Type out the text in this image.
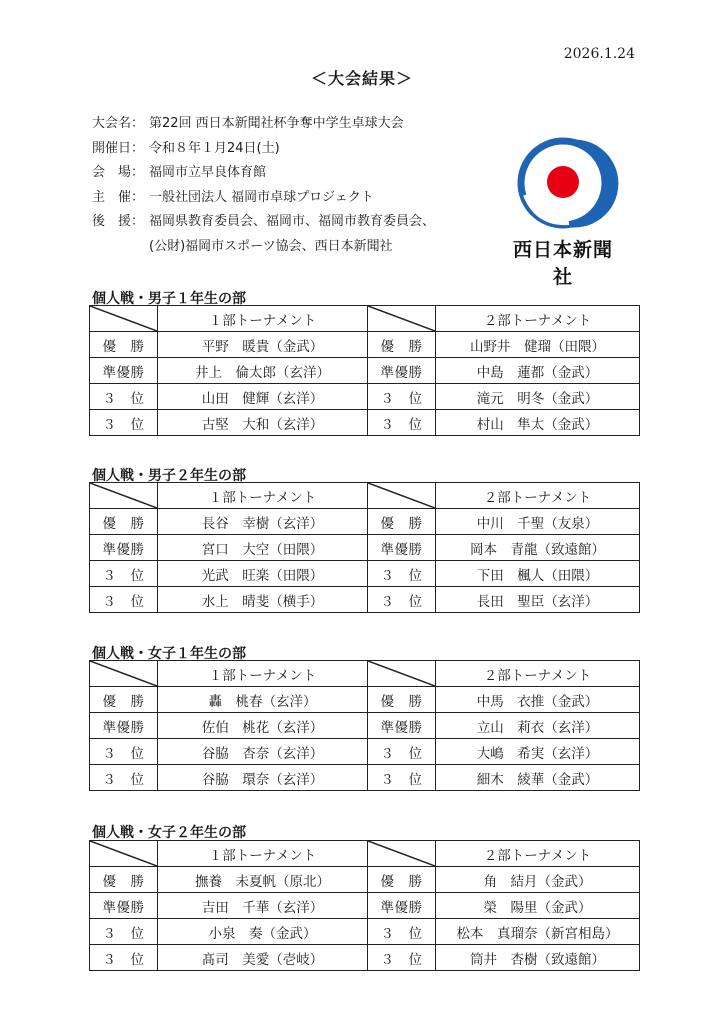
2026.1.24
＜大会結果＞
大会名： 第22回 西日本新聞社杯争奪中学生卓球大会
開催日： 令和８年１月24日(土)
会　場： 福岡市立早良体育館
主　催： 一般社団法人 福岡市卓球プロジェクト
後　援： 福岡県教育委員会、福岡市、福岡市教育委員会、
(公財)福岡市スポーツ協会、西日本新聞社	西日本新聞社
個人戦・男子１年生の部
	１部トーナメント		２部トーナメント
優　勝	平野　暖貴（金武）	優　勝	山野井　健瑠（田隈）
準優勝	井上　倫太郎（玄洋）	準優勝	中島　蓮都（金武）
３　位	山田　健輝（玄洋）	３　位	滝元　明冬（金武）
３　位	古堅　大和（玄洋）	３　位	村山　隼太（金武）
個人戦・男子２年生の部
	１部トーナメント		２部トーナメント
優　勝	長谷　幸樹（玄洋）	優　勝	中川　千聖（友泉）
準優勝	宮口　大空（田隈）	準優勝	岡本　青龍（致遠館）
３　位	光武　旺楽（田隈）	３　位	下田　楓人（田隈）
３　位	水上　晴斐（横手）	３　位	長田　聖臣（玄洋）
個人戦・女子１年生の部
	１部トーナメント		２部トーナメント
優　勝	轟　桃春（玄洋）	優　勝	中馬　衣推（金武）
準優勝	佐伯　桃花（玄洋）	準優勝	立山　莉衣（玄洋）
３　位	谷脇　杏奈（玄洋）	３　位	大嶋　希実（玄洋）
３　位	谷脇　環奈（玄洋）	３　位	細木　綾華（金武）
個人戦・女子２年生の部
	１部トーナメント		２部トーナメント
優　勝	撫養　未夏帆（原北）	優　勝	角　結月（金武）
準優勝	吉田　千華（玄洋）	準優勝	榮　陽里（金武）
３　位	小泉　奏（金武）	３　位	松本　真瑠奈（新宮相島）
３　位	髙司　美愛（壱岐）	３　位	筒井　杏樹（致遠館）
